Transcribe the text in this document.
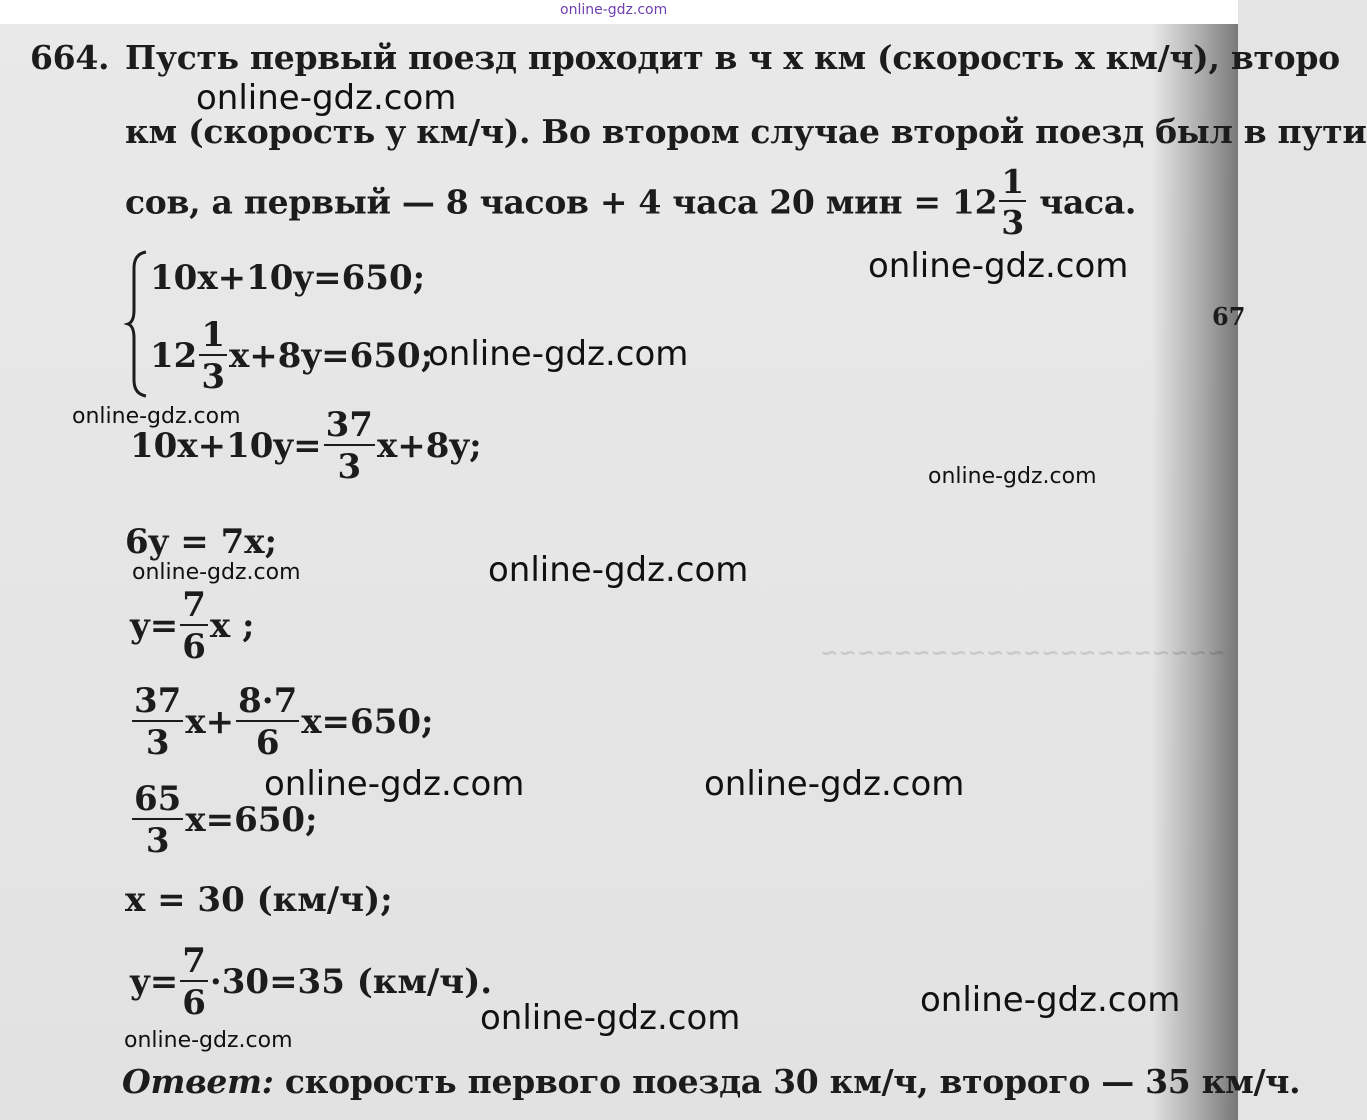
online-gdz.com
~~~~~~~~~~~~~~~~~~~~~~
664. Пусть первый поезд проходит в ч x км (скорость x км/ч), второ
км (скорость y км/ч). Во втором случае второй поезд был в пути
сов, а первый — 8 часов + 4 часа 20 мин = $12 \frac{1}{3}$ часа.
10x+10y=650;
$12 \frac{1}{3} x+8y=650$;
$10x+10y= \frac{37}{3} x+8y$;
6y = 7x;
$y= \frac{7}{6}$ x ;
$\frac{37}{3} x+ \frac{8\cdot 7}{6} x=650$;
$\frac{65}{3} x=650$;
x = 30 (км/ч);
$y= \frac{7}{6} \cdot 30=35$ (км/ч).
Ответ: скорость первого поезда 30 км/ч, второго — 35 км/ч.
67
online-gdz.com
online-gdz.com
online-gdz.com
online-gdz.com
online-gdz.com
online-gdz.com
online-gdz.com
online-gdz.com	online-gdz.com
online-gdz.com
online-gdz.com
online-gdz.com
